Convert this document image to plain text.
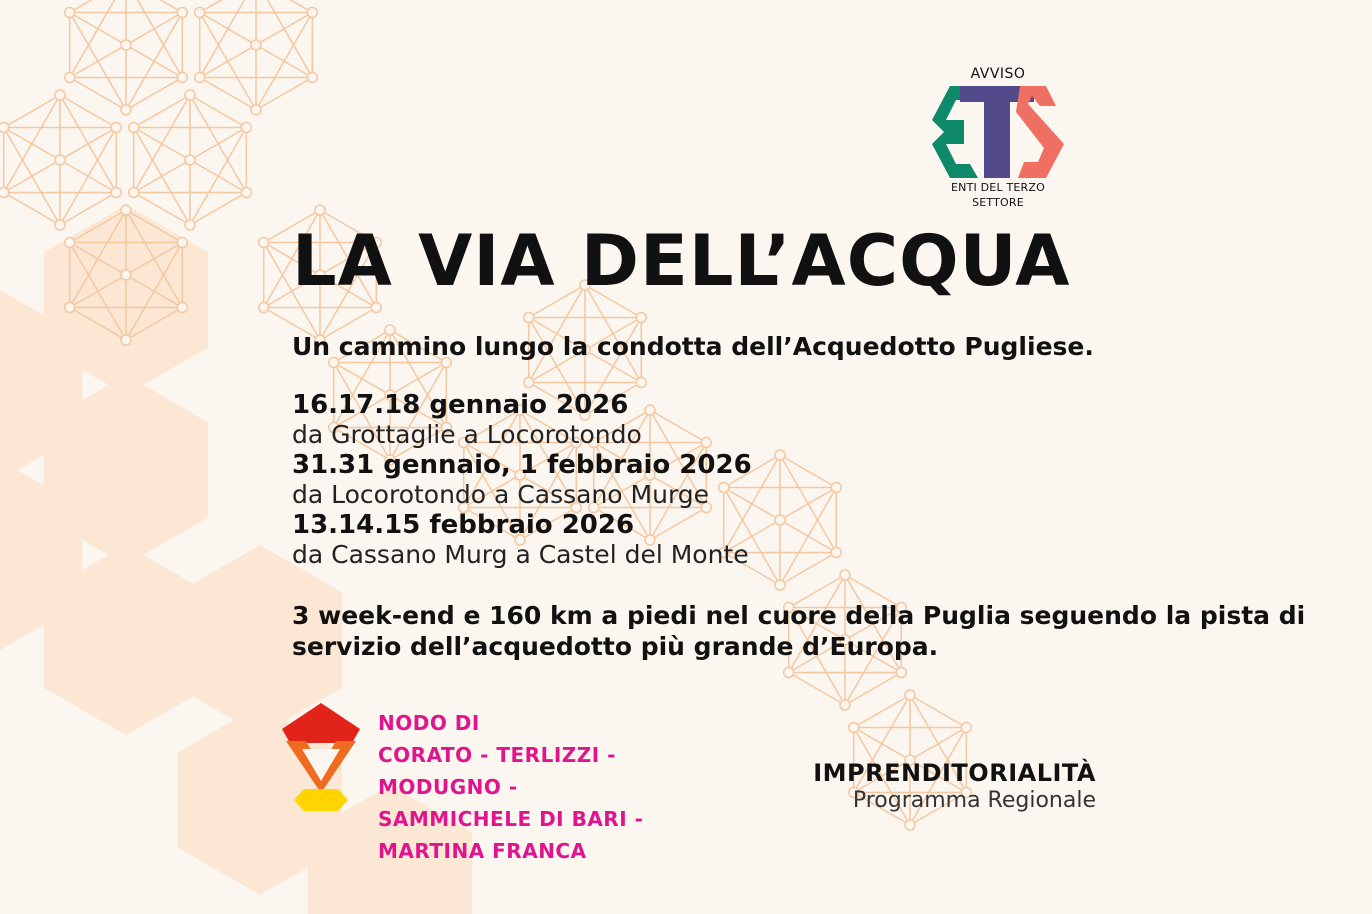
AVVISO
ENTI DEL TERZO
SETTORE
LA VIA DELL’ACQUA
Un cammino lungo la condotta dell’Acquedotto Pugliese.
16.17.18 gennaio 2026
da Grottaglie a Locorotondo
31.31 gennaio, 1 febbraio 2026
da Locorotondo a Cassano Murge
13.14.15 febbraio 2026
da Cassano Murg a Castel del Monte
3 week-end e 160 km a piedi nel cuore della Puglia seguendo la pista di servizio dell’acquedotto più grande d’Europa.
NODO DI
CORATO - TERLIZZI -
MODUGNO -
SAMMICHELE DI BARI -
MARTINA FRANCA
IMPRENDITORIALITÀ
Programma Regionale
